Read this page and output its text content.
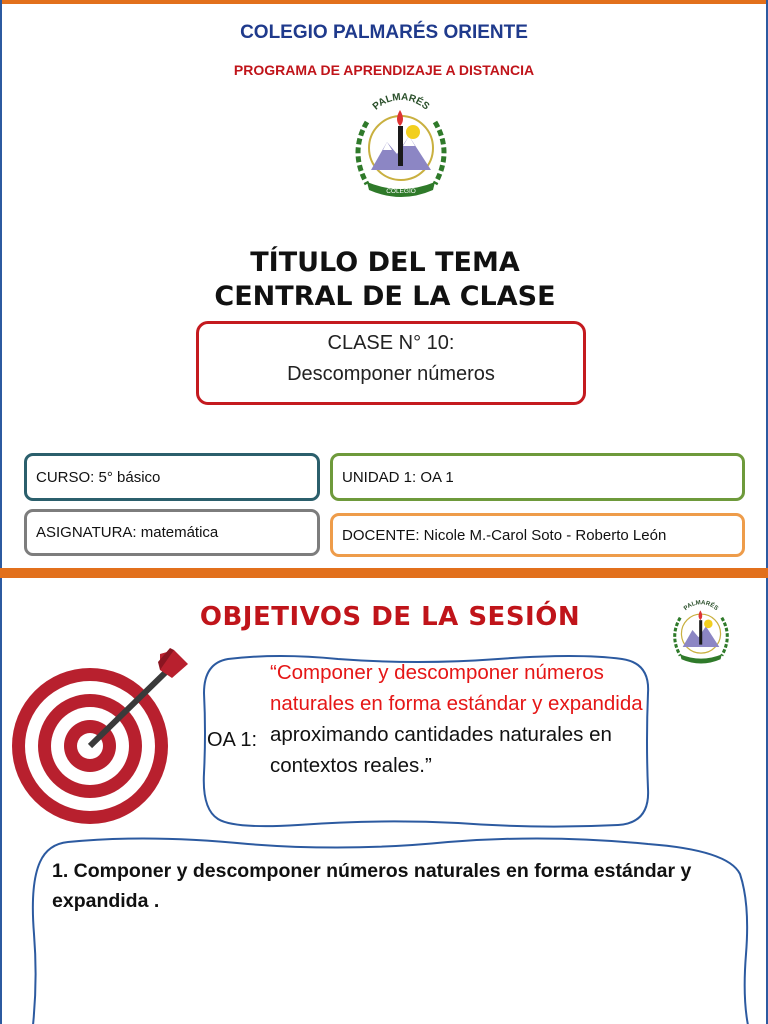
COLEGIO PALMARÉS ORIENTE
PROGRAMA DE APRENDIZAJE A DISTANCIA
PALMARÉS
COLEGIO
TÍTULO DEL TEMA
CENTRAL DE LA CLASE
CLASE N° 10:
Descomponer números
CURSO: 5° básico	UNIDAD 1: OA 1
ASIGNATURA: matemática	DOCENTE: Nicole M.-Carol Soto - Roberto León
OBJETIVOS DE LA SESIÓN	PALMARÉS
OA 1:
“Componer y descomponer números naturales en forma estándar y expandida aproximando cantidades naturales en contextos reales.”
1. Componer y descomponer números naturales en forma estándar y expandida .
